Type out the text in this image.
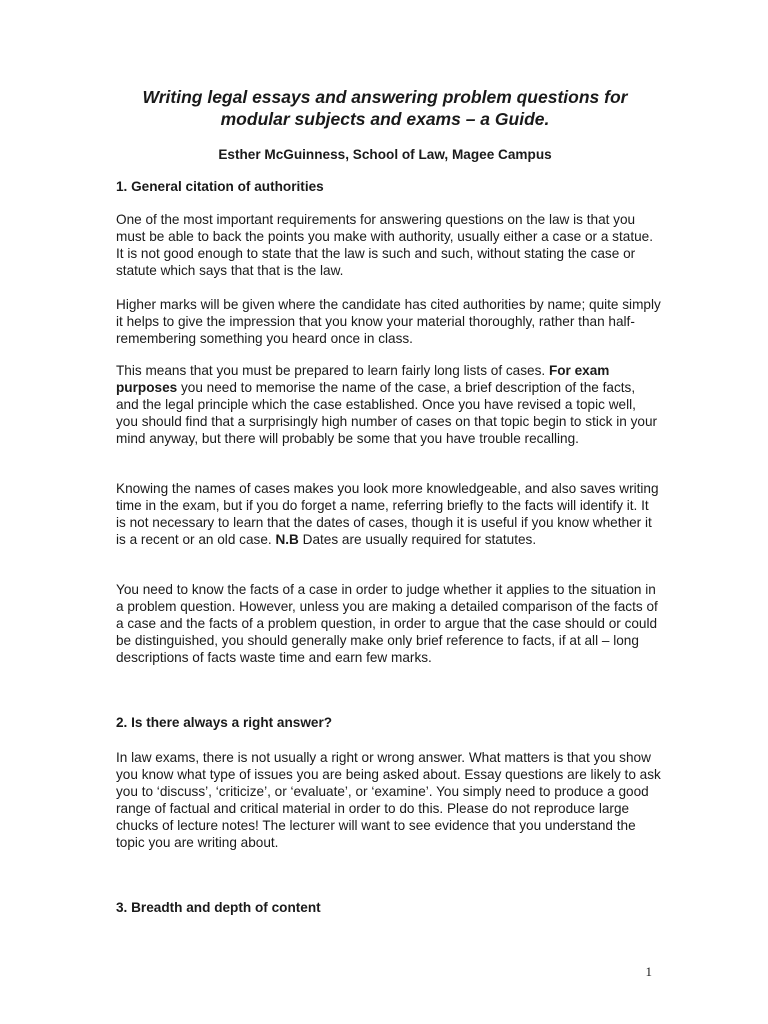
Writing legal essays and answering problem questions for
modular subjects and exams – a Guide.

Esther McGuinness, School of Law, Magee Campus

1. General citation of authorities

One of the most important requirements for answering questions on the law is that you must be able to back the points you make with authority, usually either a case or a statue. It is not good enough to state that the law is such and such, without stating the case or statute which says that that is the law.

Higher marks will be given where the candidate has cited authorities by name; quite simply it helps to give the impression that you know your material thoroughly, rather than half-remembering something you heard once in class.

This means that you must be prepared to learn fairly long lists of cases. For exam purposes you need to memorise the name of the case, a brief description of the facts, and the legal principle which the case established. Once you have revised a topic well, you should find that a surprisingly high number of cases on that topic begin to stick in your mind anyway, but there will probably be some that you have trouble recalling.

Knowing the names of cases makes you look more knowledgeable, and also saves writing time in the exam, but if you do forget a name, referring briefly to the facts will identify it. It is not necessary to learn that the dates of cases, though it is useful if you know whether it is a recent or an old case. N.B Dates are usually required for statutes.

You need to know the facts of a case in order to judge whether it applies to the situation in a problem question. However, unless you are making a detailed comparison of the facts of a case and the facts of a problem question, in order to argue that the case should or could be distinguished, you should generally make only brief reference to facts, if at all – long descriptions of facts waste time and earn few marks.

2. Is there always a right answer?

In law exams, there is not usually a right or wrong answer. What matters is that you show you know what type of issues you are being asked about. Essay questions are likely to ask you to ‘discuss’, ‘criticize’, or ‘evaluate’, or ‘examine’. You simply need to produce a good range of factual and critical material in order to do this. Please do not reproduce large chucks of lecture notes! The lecturer will want to see evidence that you understand the topic you are writing about.

3. Breadth and depth of content

1
